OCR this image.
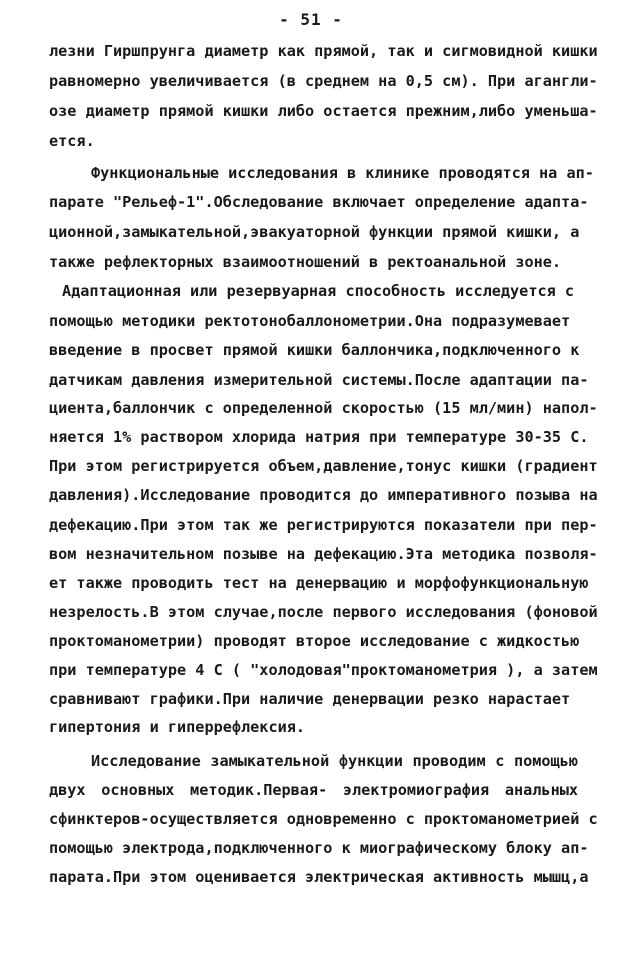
- 51 -
лезни Гиршпрунга диаметр как прямой, так и сигмовидной кишки
равномерно увеличивается (в среднем на 0,5 см). При агангли-
озе диаметр прямой кишки либо остается прежним,либо уменьша-
ется.
Функциональные исследования в клинике проводятся на ап-
парате "Рельеф-1".Обследование включает определение адапта-
ционной,замыкательной,эвакуаторной функции прямой кишки, а
также рефлекторных взаимоотношений в ректоанальной зоне.
Адаптационная или резервуарная способность исследуется с
помощью методики ректотонобаллонометрии.Она подразумевает
введение в просвет прямой кишки баллончика,подключенного к
датчикам давления измерительной системы.После адаптации па-
циента,баллончик с определенной скоростью (15 мл/мин) напол-
няется 1% раствором хлорида натрия при температуре 30-35 С.
При этом регистрируется объем,давление,тонус кишки (градиент
давления).Исследование проводится до императивного позыва на
дефекацию.При этом так же регистрируются показатели при пер-
вом незначительном позыве на дефекацию.Эта методика позволя-
ет также проводить тест на денервацию и морфофункциональную
незрелость.В этом случае,после первого исследования (фоновой
проктоманометрии) проводят второе исследование с жидкостью
при температуре 4 С ( "холодовая"проктоманометрия ), а затем
сравнивают графики.При наличие денервации резко нарастает
гипертония и гиперрефлексия.
Исследование замыкательной функции проводим с помощью
двух основных методик.Первая- электромиография анальных
сфинктеров-осуществляется одновременно с проктоманометрией с
помощью электрода,подключенного к миографическому блоку ап-
парата.При этом оценивается электрическая активность мышц,а
